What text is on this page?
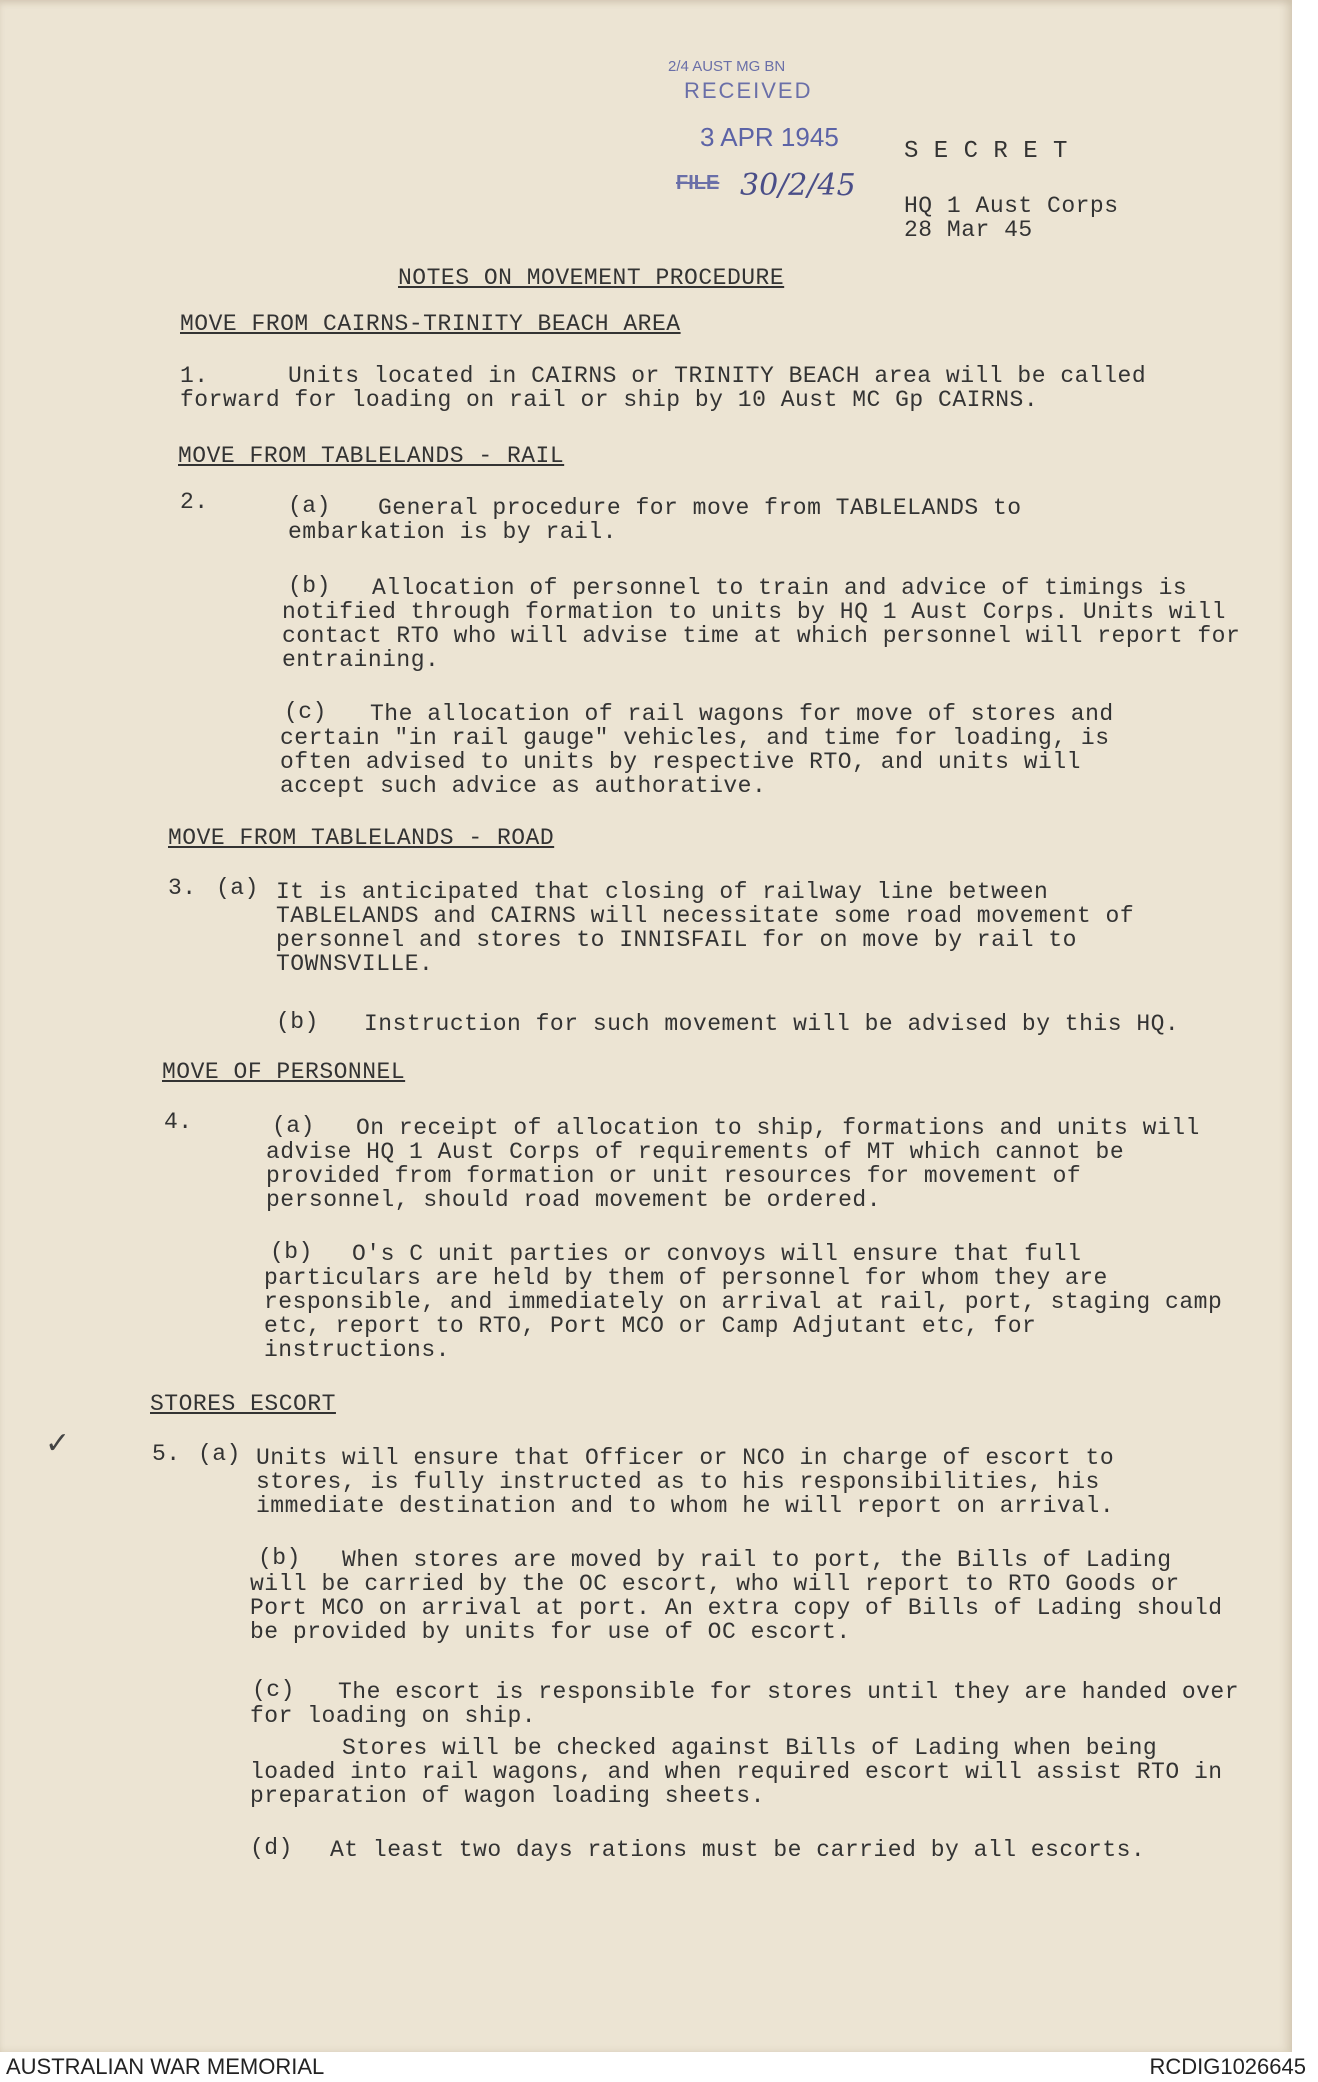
2/4 AUST MG BN
RECEIVED
3 APR 1945
FILE 30/2/45
S E C R E T
HQ 1 Aust Corps
28 Mar 45
NOTES ON MOVEMENT PROCEDURE
MOVE FROM CAIRNS-TRINITY BEACH AREA
1.	Units located in CAIRNS or TRINITY BEACH area will be called forward for loading on rail or ship by 10 Aust MC Gp CAIRNS.
MOVE FROM TABLELANDS - RAIL
2.	(a)	General procedure for move from TABLELANDS to embarkation is by rail.
(b)	Allocation of personnel to train and advice of timings is notified through formation to units by HQ 1 Aust Corps. Units will contact RTO who will advise time at which personnel will report for entraining.
(c)	The allocation of rail wagons for move of stores and certain "in rail gauge" vehicles, and time for loading, is often advised to units by respective RTO, and units will accept such advice as authorative.
MOVE FROM TABLELANDS - ROAD
3. (a) It is anticipated that closing of railway line between TABLELANDS and CAIRNS will necessitate some road movement of personnel and stores to INNISFAIL for on move by rail to TOWNSVILLE.
(b)	Instruction for such movement will be advised by this HQ.
MOVE OF PERSONNEL
4.	(a)	On receipt of allocation to ship, formations and units will advise HQ 1 Aust Corps of requirements of MT which cannot be provided from formation or unit resources for movement of personnel, should road movement be ordered.
(b)	O's C unit parties or convoys will ensure that full particulars are held by them of personnel for whom they are responsible, and immediately on arrival at rail, port, staging camp etc, report to RTO, Port MCO or Camp Adjutant etc, for instructions.
✓
STORES ESCORT
5. (a) Units will ensure that Officer or NCO in charge of escort to stores, is fully instructed as to his responsibilities, his immediate destination and to whom he will report on arrival.
(b)	When stores are moved by rail to port, the Bills of Lading will be carried by the OC escort, who will report to RTO Goods or Port MCO on arrival at port. An extra copy of Bills of Lading should be provided by units for use of OC escort.
(c)	The escort is responsible for stores until they are handed over for loading on ship.
Stores will be checked against Bills of Lading when being loaded into rail wagons, and when required escort will assist RTO in preparation of wagon loading sheets.
(d) At least two days rations must be carried by all escorts.
AUSTRALIAN WAR MEMORIAL	RCDIG1026645
